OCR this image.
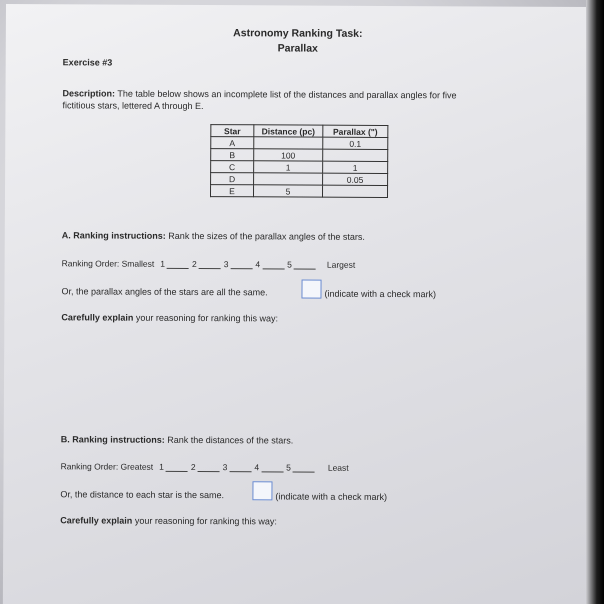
Astronomy Ranking Task:
Parallax
Exercise #3
Description: The table below shows an incomplete list of the distances and parallax angles for five
fictitious stars, lettered A through E.
Star	Distance (pc)	Parallax (")
A		0.1
B	100	
C	1	1
D		0.05
E	5	
A. Ranking instructions: Rank the sizes of the parallax angles of the stars.
Ranking Order: Smallest 1	2	3	4	5	Largest
Or, the parallax angles of the stars are all the same.	(indicate with a check mark)
Carefully explain your reasoning for ranking this way:
B. Ranking instructions: Rank the distances of the stars.
Ranking Order: Greatest 1	2	3	4	5	Least
Or, the distance to each star is the same.	(indicate with a check mark)
Carefully explain your reasoning for ranking this way:
